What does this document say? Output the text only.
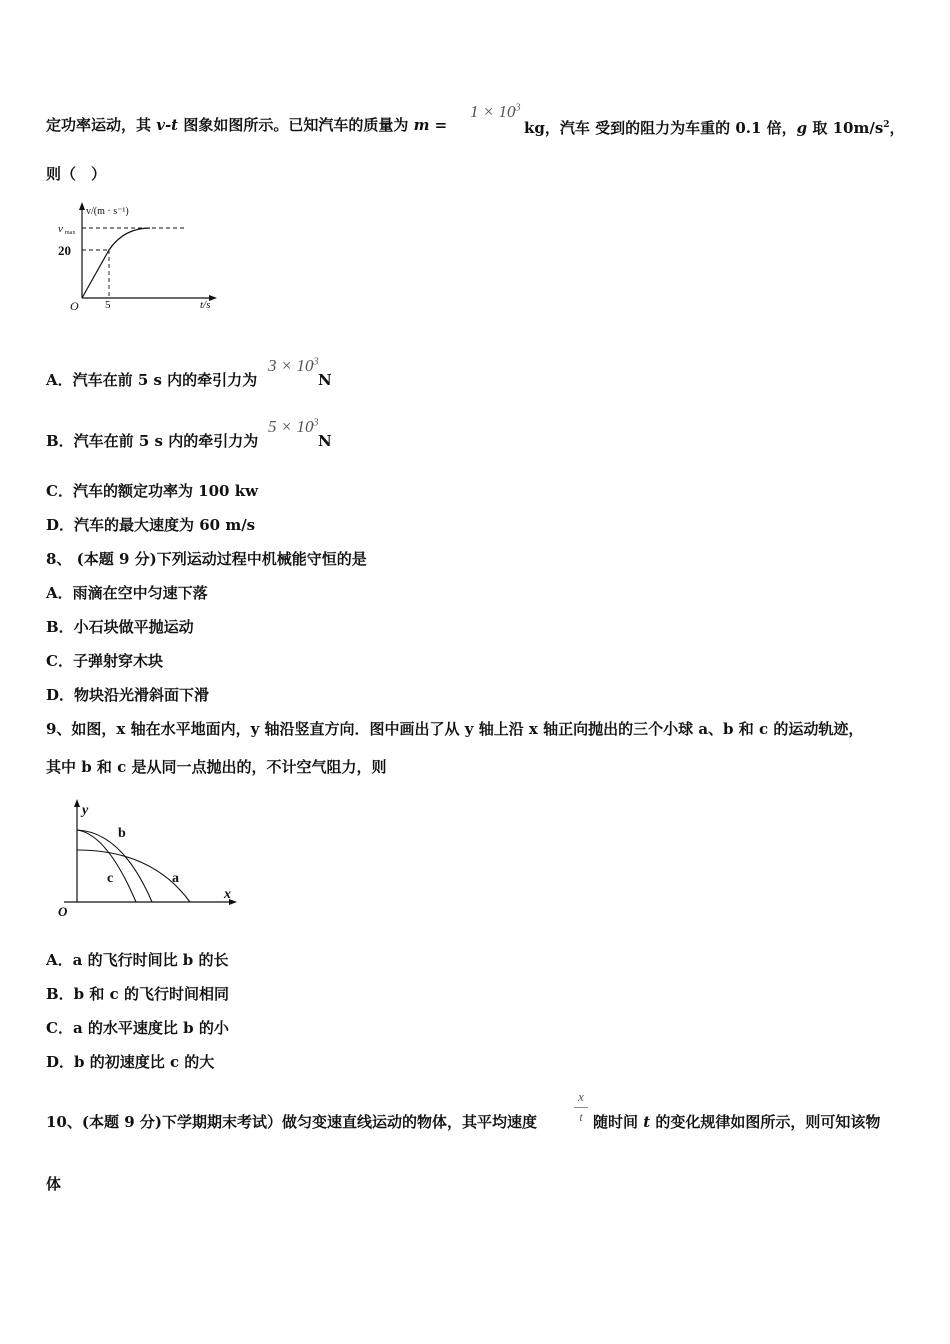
定功率运动，其 v-t 图象如图所示。已知汽车的质量为 m =
$1 \times 10^3$
kg，汽车 受到的阻力为车重的 0.1 倍，g 取 $10m/s^2$，
则（　）
v/(m · s⁻¹)
v max
20
O 5	t/s
A．汽车在前 5 s 内的牵引力为
$3 \times 10^3$
N
B．汽车在前 5 s 内的牵引力为
$5 \times 10^3$
N
C．汽车的额定功率为 100 kw
D．汽车的最大速度为 60 m/s
8、 (本题 9 分)下列运动过程中机械能守恒的是
A．雨滴在空中匀速下落
B．小石块做平抛运动
C．子弹射穿木块
D．物块沿光滑斜面下滑
9、如图，x 轴在水平地面内，y 轴沿竖直方向．图中画出了从 y 轴上沿 x 轴正向抛出的三个小球 a、b 和 c 的运动轨迹，
其中 b 和 c 是从同一点抛出的，不计空气阻力，则
y
x
O
b
c	a
A．a 的飞行时间比 b 的长
B．b 和 c 的飞行时间相同
C．a 的水平速度比 b 的小
D．b 的初速度比 c 的大
10、(本题 9 分)下学期期末考试）做匀变速直线运动的物体，其平均速度
x
t 随时间 t 的变化规律如图所示，则可知该物
体
